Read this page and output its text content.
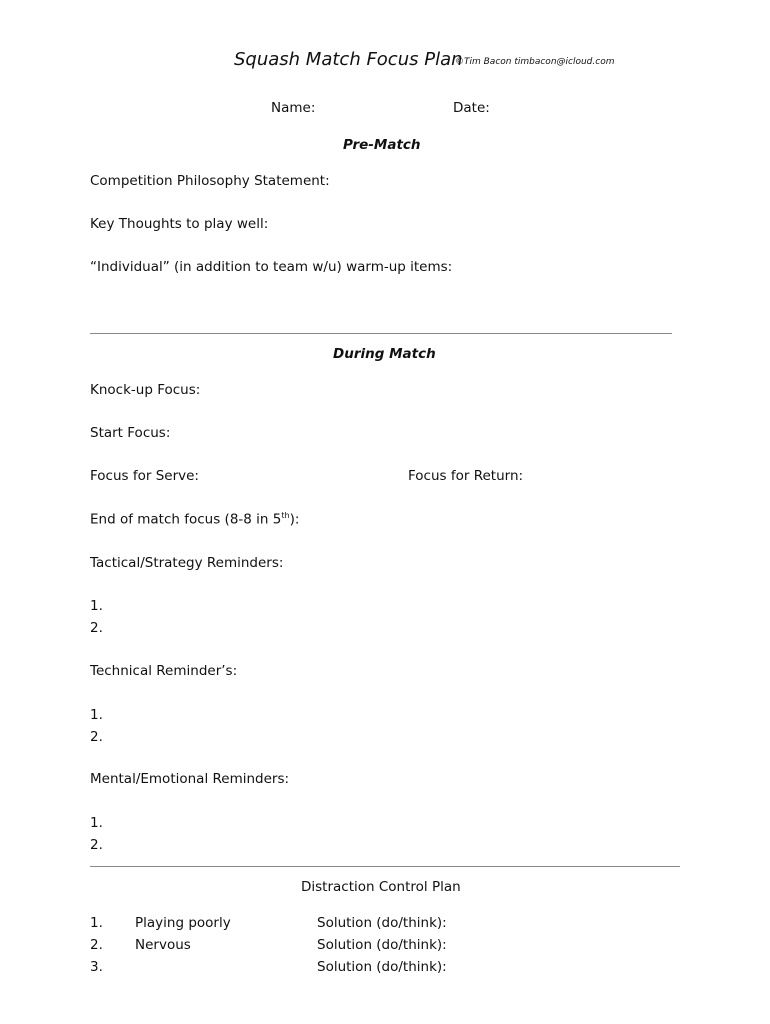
Squash Match Focus Plan
©Tim Bacon timbacon@icloud.com
Name:	Date:
Pre-Match
Competition Philosophy Statement:
Key Thoughts to play well:
“Individual” (in addition to team w/u) warm-up items:
During Match
Knock-up Focus:
Start Focus:
Focus for Serve:	Focus for Return:
End of match focus (8-8 in 5th):
Tactical/Strategy Reminders:
1.
2.
Technical Reminder’s:
1.
2.
Mental/Emotional Reminders:
1.
2.
Distraction Control Plan
1. Playing poorly	Solution (do/think):
2. Nervous	Solution (do/think):
3.	Solution (do/think):
